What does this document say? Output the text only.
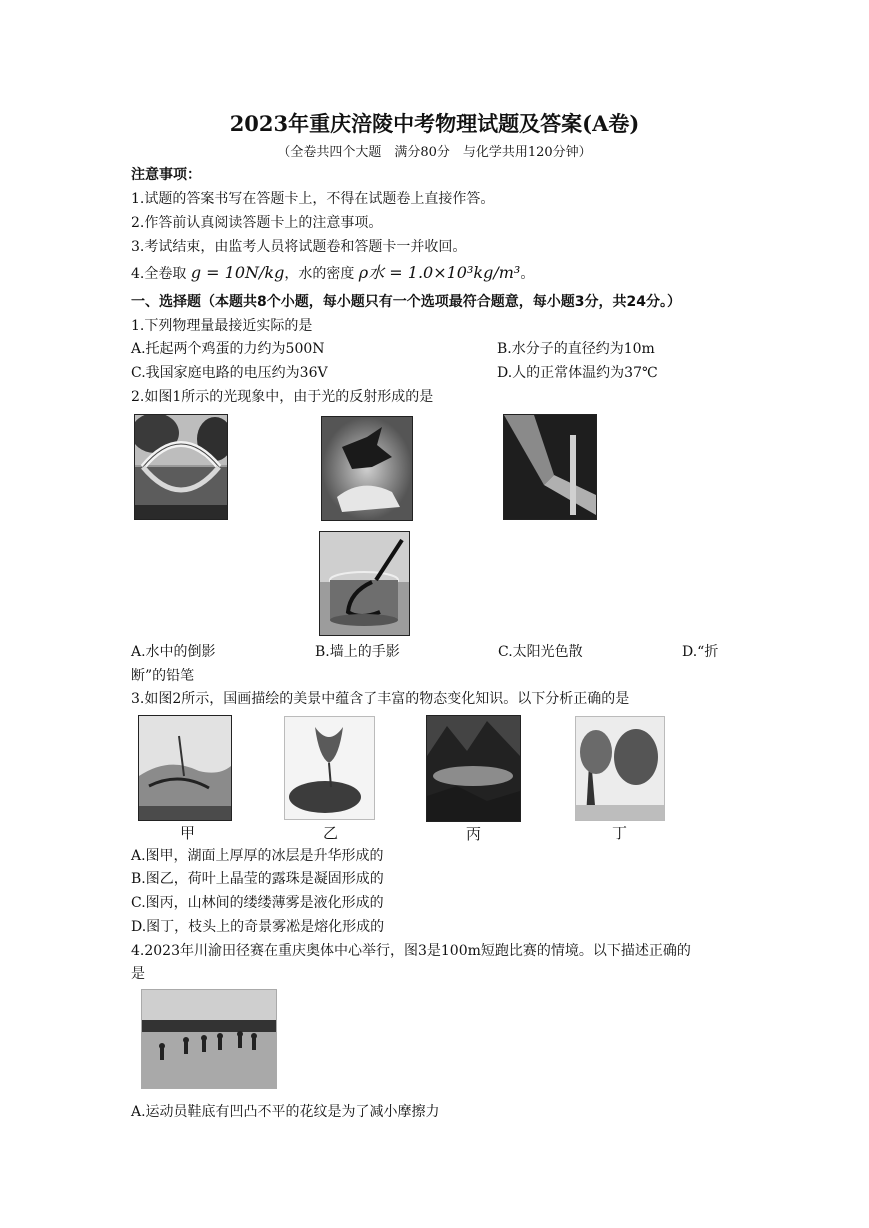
2023年重庆涪陵中考物理试题及答案(A卷)
（全卷共四个大题　满分80分　与化学共用120分钟）
注意事项：
1.试题的答案书写在答题卡上，不得在试题卷上直接作答。
2.作答前认真阅读答题卡上的注意事项。
3.考试结束，由监考人员将试题卷和答题卡一并收回。
4.全卷取 g = 10N/kg，水的密度 ρ水 = 1.0×10³kg/m³。
一、选择题（本题共8个小题，每小题只有一个选项最符合题意，每小题3分，共24分。）
1.下列物理量最接近实际的是
A.托起两个鸡蛋的力约为500N	B.水分子的直径约为10m
C.我国家庭电路的电压约为36V	D.人的正常体温约为37℃
2.如图1所示的光现象中，由于光的反射形成的是
A.水中的倒影	B.墙上的手影	C.太阳光色散	D.“折
断”的铅笔
3.如图2所示，国画描绘的美景中蕴含了丰富的物态变化知识。以下分析正确的是
甲	乙	丙	丁
A.图甲，湖面上厚厚的冰层是升华形成的
B.图乙，荷叶上晶莹的露珠是凝固形成的
C.图丙，山林间的缕缕薄雾是液化形成的
D.图丁，枝头上的奇景雾凇是熔化形成的
4.2023年川渝田径赛在重庆奥体中心举行，图3是100m短跑比赛的情境。以下描述正确的
是
A.运动员鞋底有凹凸不平的花纹是为了减小摩擦力
